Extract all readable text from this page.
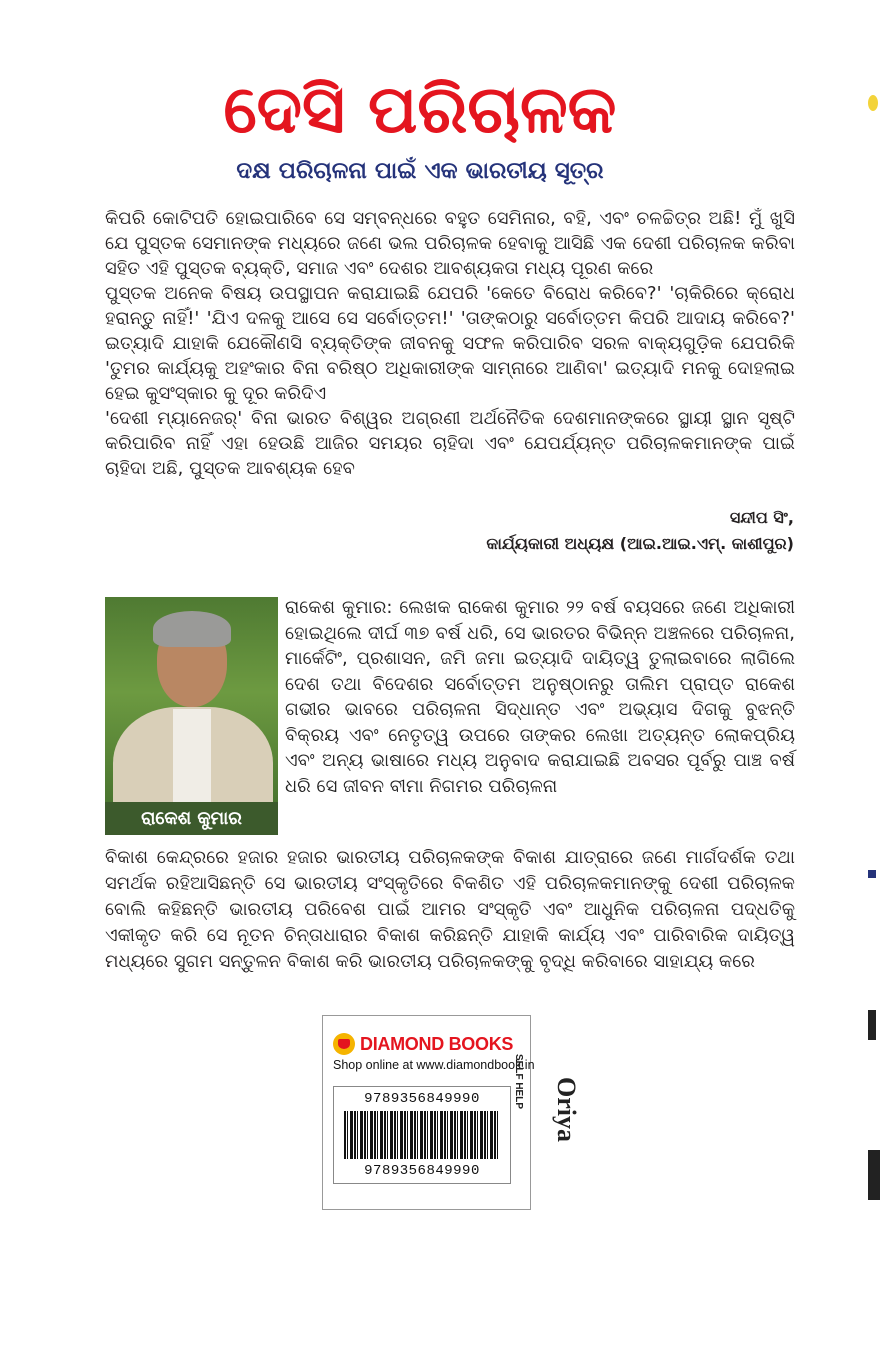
ଦେସି ପରିଚାଳକ
ଦକ୍ଷ ପରିଚାଳନା ପାଇଁ ଏକ ଭାରତୀୟ ସୂତ୍ର

କିପରି କୋଟିପତି ହୋଇପାରିବେ ସେ ସମ୍ବନ୍ଧରେ ବହୁତ ସେମିନାର, ବହି, ଏବଂ ଚଳଚ୍ଚିତ୍ର ଅଛି! ମୁଁ ଖୁସି ଯେ ପୁସ୍ତକ ସେମାନଙ୍କ ମଧ୍ୟରେ ଜଣେ ଭଲ ପରିଚାଳକ ହେବାକୁ ଆସିଛି ଏକ ଦେଶୀ ପରିଚାଳକ କରିବା ସହିତ ଏହି ପୁସ୍ତକ ବ୍ୟକ୍ତି, ସମାଜ ଏବଂ ଦେଶର ଆବଶ୍ୟକତା ମଧ୍ୟ ପୂରଣ କରେ

ପୁସ୍ତକ ଅନେକ ବିଷୟ ଉପସ୍ଥାପନ କରାଯାଇଛି ଯେପରି 'କେତେ ବିରୋଧ କରିବେ?' 'ଚାକିରିରେ କ୍ରୋଧ ହରାନ୍ତୁ ନାହିଁ!' 'ଯିଏ ଦଳକୁ ଆସେ ସେ ସର୍ବୋତ୍ତମ!' 'ତାଙ୍କଠାରୁ ସର୍ବୋତ୍ତମ କିପରି ଆଦାୟ କରିବେ?' ଇତ୍ୟାଦି ଯାହାକି ଯେକୌଣସି ବ୍ୟକ୍ତିଙ୍କ ଜୀବନକୁ ସଫଳ କରିପାରିବ ସରଳ ବାକ୍ୟଗୁଡ଼ିକ ଯେପରିକି 'ତୁମର କାର୍ଯ୍ୟକୁ ଅହଂକାର ବିନା ବରିଷ୍ଠ ଅଧିକାରୀଙ୍କ ସାମ୍ନାରେ ଆଣିବା' ଇତ୍ୟାଦି ମନକୁ ଦୋହଲାଇ ହେଇ କୁସଂସ୍କାର କୁ ଦୂର କରିଦିଏ

'ଦେଶୀ ମ୍ୟାନେଜର୍' ବିନା ଭାରତ ବିଶ୍ୱର ଅଗ୍ରଣୀ ଅର୍ଥନୈତିକ ଦେଶମାନଙ୍କରେ ସ୍ଥାୟୀ ସ୍ଥାନ ସୃଷ୍ଟି କରିପାରିବ ନାହିଁ ଏହା ହେଉଛି ଆଜିର ସମୟର ଚାହିଦା ଏବଂ ଯେପର୍ଯ୍ୟନ୍ତ ପରିଚାଳକମାନଙ୍କ ପାଇଁ ଚାହିଦା ଅଛି, ପୁସ୍ତକ ଆବଶ୍ୟକ ହେବ

ସନ୍ଦୀପ ସିଂ,
କାର୍ଯ୍ୟକାରୀ ଅଧ୍ୟକ୍ଷ (ଆଇ.ଆଇ.ଏମ୍. କାଶୀପୁର)
ରାକେଶ କୁମାର
ରାକେଶ କୁମାର: ଲେଖକ ରାକେଶ କୁମାର ୨୨ ବର୍ଷ ବୟସରେ ଜଣେ ଅଧିକାରୀ ହୋଇଥିଲେ ଦୀର୍ଘ ୩୭ ବର୍ଷ ଧରି, ସେ ଭାରତର ବିଭିନ୍ନ ଅଞ୍ଚଳରେ ପରିଚାଳନା, ମାର୍କେଟିଂ, ପ୍ରଶାସନ, ଜମି ଜମା ଇତ୍ୟାଦି ଦାୟିତ୍ୱ ତୁଲାଇବାରେ ଲାଗିଲେ ଦେଶ ତଥା ବିଦେଶର ସର୍ବୋତ୍ତମ ଅନୁଷ୍ଠାନରୁ ତାଲିମ ପ୍ରାପ୍ତ ରାକେଶ ଗଭୀର ଭାବରେ ପରିଚାଳନା ସିଦ୍ଧାନ୍ତ ଏବଂ ଅଭ୍ୟାସ ଦିଗକୁ ବୁଝନ୍ତି ବିକ୍ରୟ ଏବଂ ନେତୃତ୍ୱ ଉପରେ ତାଙ୍କର ଲେଖା ଅତ୍ୟନ୍ତ ଲୋକପ୍ରିୟ ଏବଂ ଅନ୍ୟ ଭାଷାରେ ମଧ୍ୟ ଅନୁବାଦ କରାଯାଇଛି ଅବସର ପୂର୍ବରୁ ପାଞ୍ଚ ବର୍ଷ ଧରି ସେ ଜୀବନ ବୀମା ନିଗମର ପରିଚାଳନା

ବିକାଶ କେନ୍ଦ୍ରରେ ହଜାର ହଜାର ଭାରତୀୟ ପରିଚାଳକଙ୍କ ବିକାଶ ଯାତ୍ରାରେ ଜଣେ ମାର୍ଗଦର୍ଶକ ତଥା ସମର୍ଥକ ରହିଆସିଛନ୍ତି ସେ ଭାରତୀୟ ସଂସ୍କୃତିରେ ବିକଶିତ ଏହି ପରିଚାଳକମାନଙ୍କୁ ଦେଶୀ ପରିଚାଳକ ବୋଲି କହିଛନ୍ତି ଭାରତୀୟ ପରିବେଶ ପାଇଁ ଆମର ସଂସ୍କୃତି ଏବଂ ଆଧୁନିକ ପରିଚାଳନା ପଦ୍ଧତିକୁ ଏକୀକୃତ କରି ସେ ନୂତନ ଚିନ୍ତାଧାରାର ବିକାଶ କରିଛନ୍ତି ଯାହାକି କାର୍ଯ୍ୟ ଏବଂ ପାରିବାରିକ ଦାୟିତ୍ୱ ମଧ୍ୟରେ ସୁଗମ ସନ୍ତୁଳନ ବିକାଶ କରି ଭାରତୀୟ ପରିଚାଳକଙ୍କୁ ବୃଦ୍ଧି କରିବାରେ ସାହାଯ୍ୟ କରେ

DIAMOND BOOKS
Shop online at www.diamondbook.in
9789356849990
9789356849990
SELF HELP Oriya
